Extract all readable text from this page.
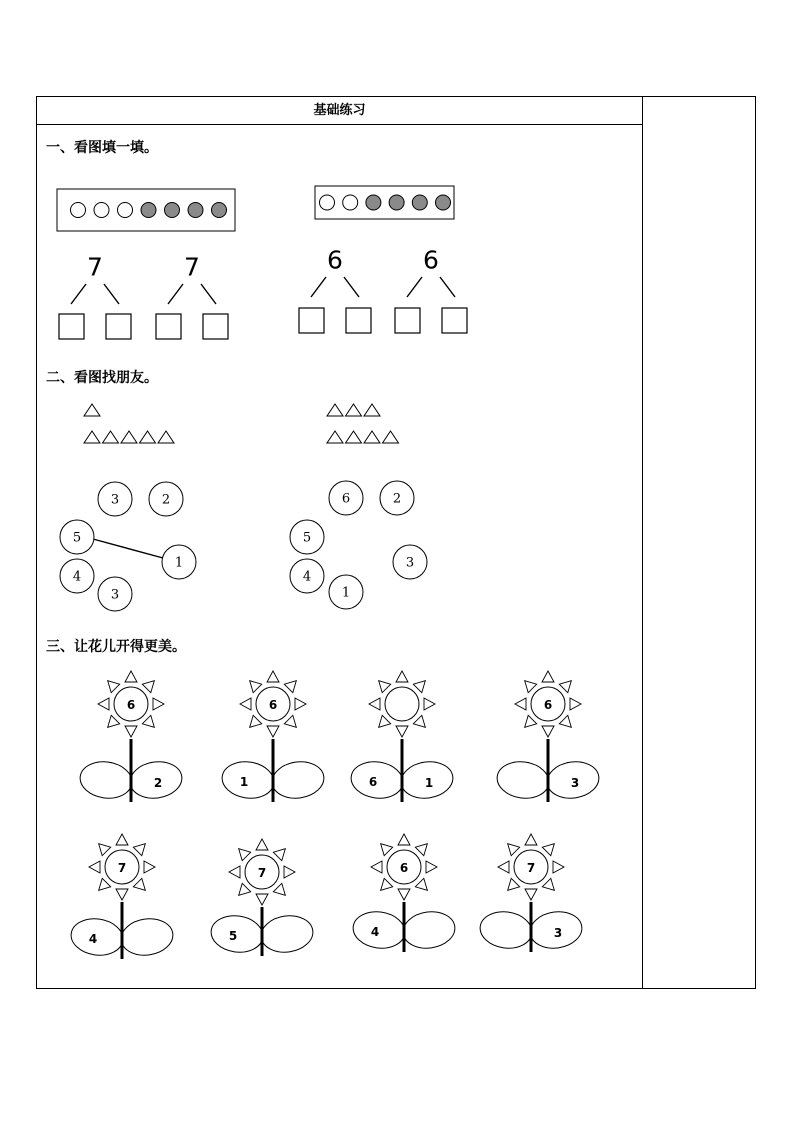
基础练习
一、看图填一填。
二、看图找朋友。
三、让花儿开得更美。
7	7	6	6
3	2
5
1
4
3
6	2
5
3
4
1
6
2
6
1	6	1
6
3
7
4
7
5
6
4
7
3
